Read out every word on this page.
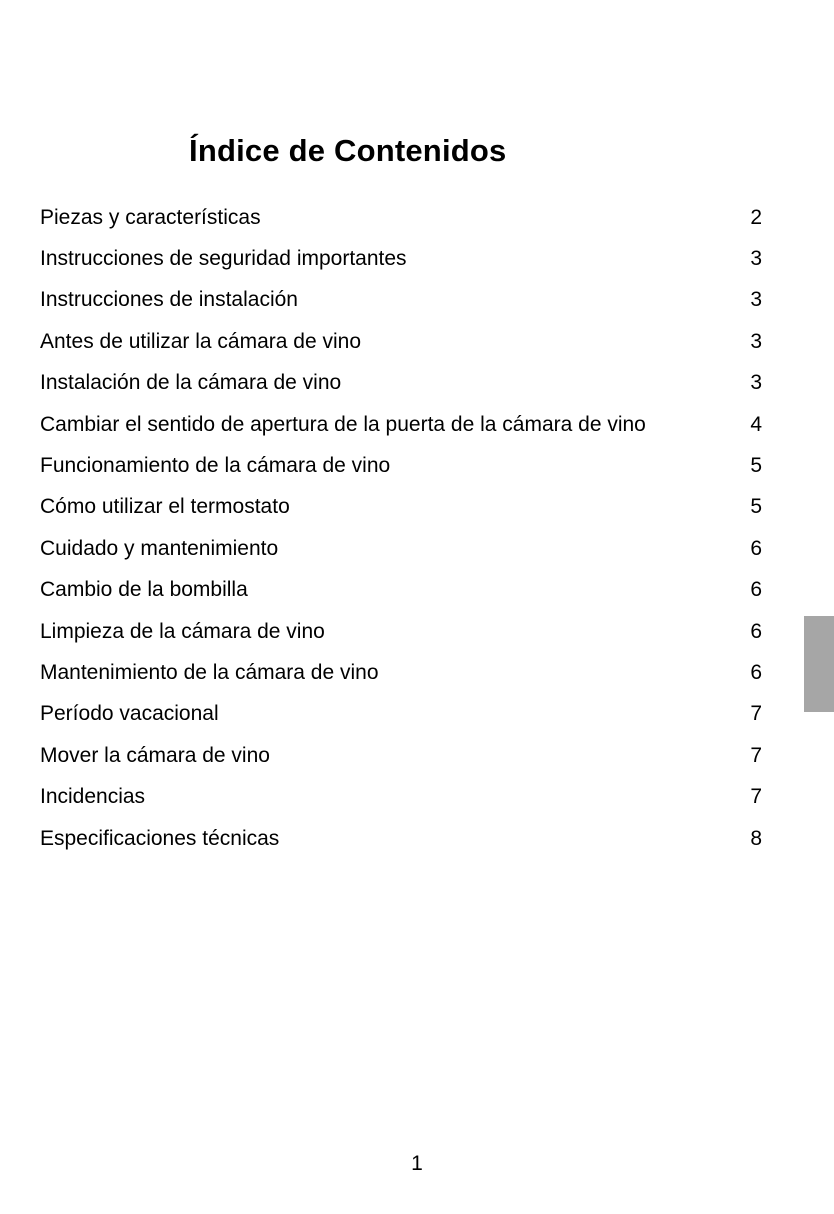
Índice de Contenidos
Piezas y características	2
Instrucciones de seguridad importantes	3
Instrucciones de instalación	3
Antes de utilizar la cámara de vino	3
Instalación de la cámara de vino	3
Cambiar el sentido de apertura de la puerta de la cámara de vino	4
Funcionamiento de la cámara de vino	5
Cómo utilizar el termostato	5
Cuidado y mantenimiento	6
Cambio de la bombilla	6
Limpieza de la cámara de vino	6
Mantenimiento de la cámara de vino	6
Período vacacional	7
Mover la cámara de vino	7
Incidencias	7
Especificaciones técnicas	8
1
